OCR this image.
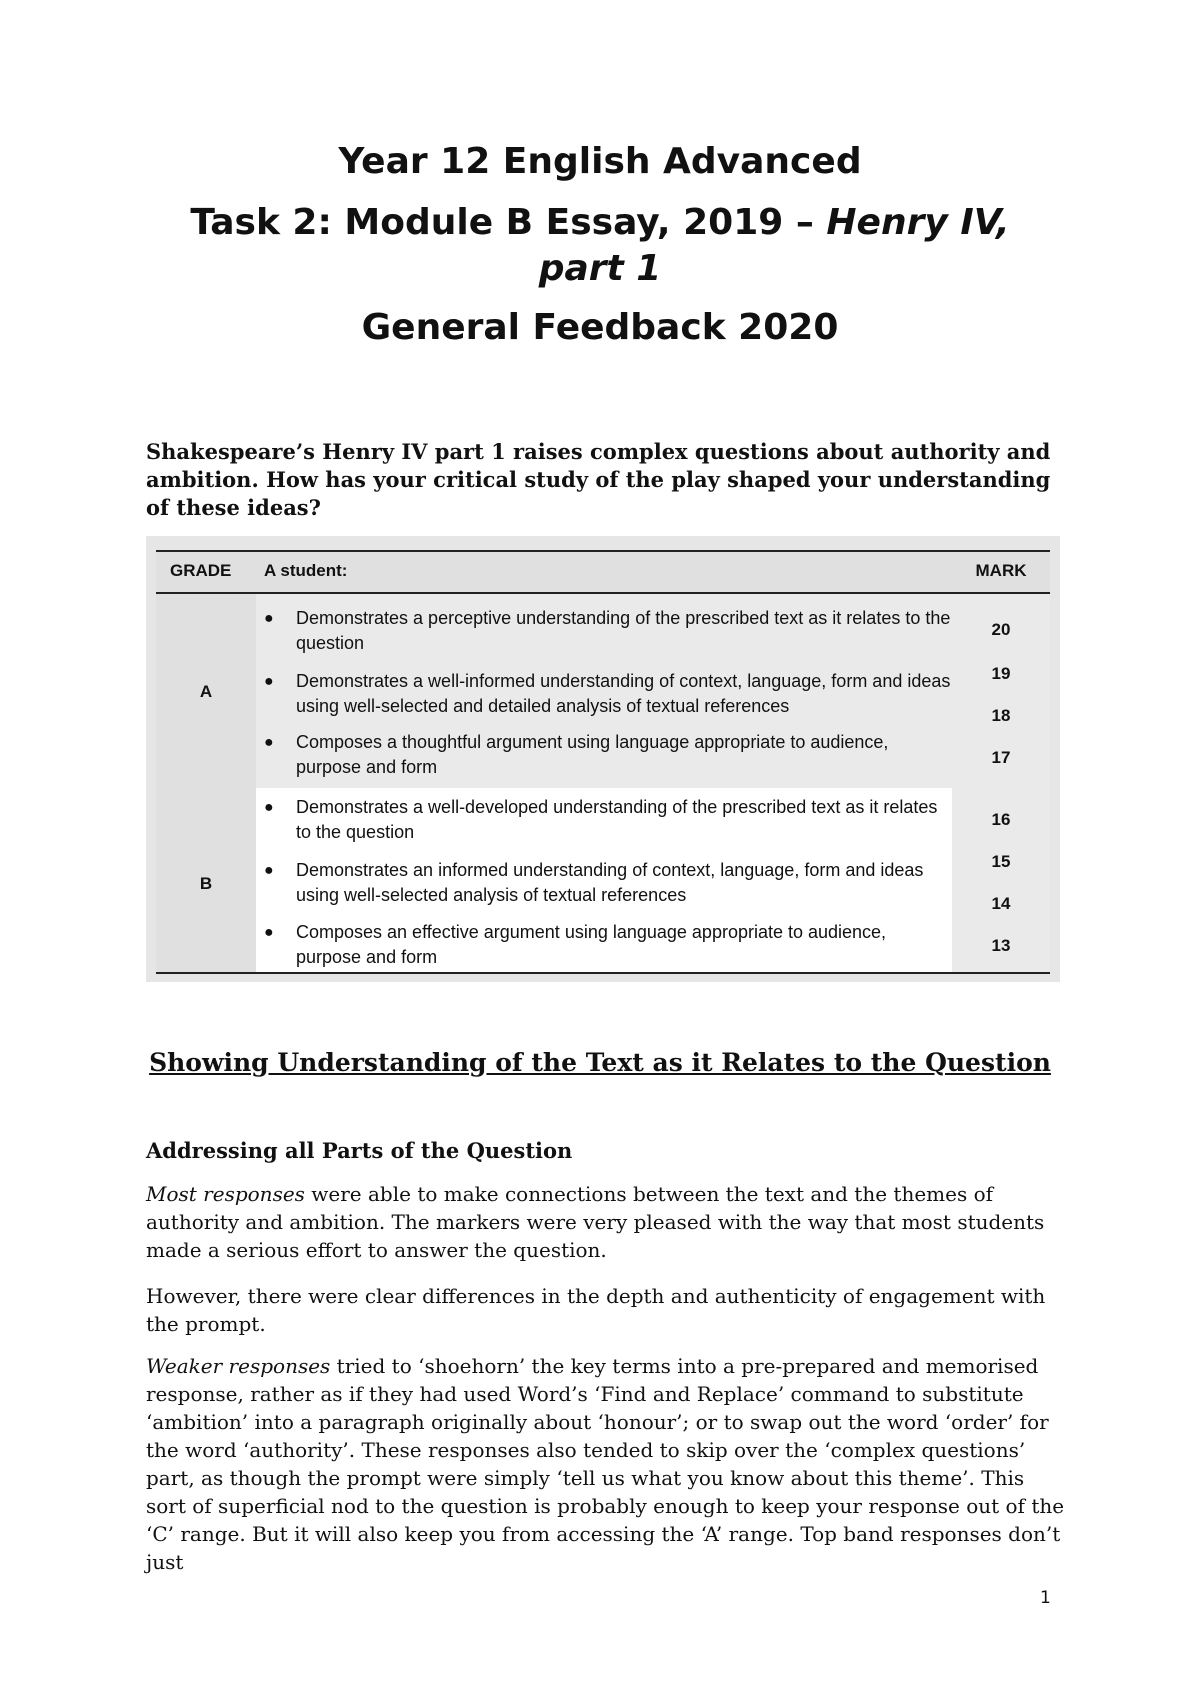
Year 12 English Advanced

Task 2: Module B Essay, 2019 – Henry IV, part 1

General Feedback 2020

Shakespeare’s Henry IV part 1 raises complex questions about authority and ambition. How has your critical study of the play shaped your understanding of these ideas?

GRADE A student:	MARK
A
● Demonstrates a perceptive understanding of the prescribed text as it relates to the question
● Demonstrates a well-informed understanding of context, language, form and ideas using well-selected and detailed analysis of textual references
● Composes a thoughtful argument using language appropriate to audience, purpose and form
20
19
18
17
B
● Demonstrates a well-developed understanding of the prescribed text as it relates to the question
● Demonstrates an informed understanding of context, language, form and ideas using well-selected analysis of textual references
● Composes an effective argument using language appropriate to audience, purpose and form
16
15
14
13

Showing Understanding of the Text as it Relates to the Question

Addressing all Parts of the Question

Most responses were able to make connections between the text and the themes of authority and ambition. The markers were very pleased with the way that most students made a serious effort to answer the question.

However, there were clear differences in the depth and authenticity of engagement with the prompt.

Weaker responses tried to ‘shoehorn’ the key terms into a pre-prepared and memorised response, rather as if they had used Word’s ‘Find and Replace’ command to substitute ‘ambition’ into a paragraph originally about ‘honour’; or to swap out the word ‘order’ for the word ‘authority’. These responses also tended to skip over the ‘complex questions’ part, as though the prompt were simply ‘tell us what you know about this theme’. This sort of superficial nod to the question is probably enough to keep your response out of the ‘C’ range. But it will also keep you from accessing the ‘A’ range. Top band responses don’t just

1
